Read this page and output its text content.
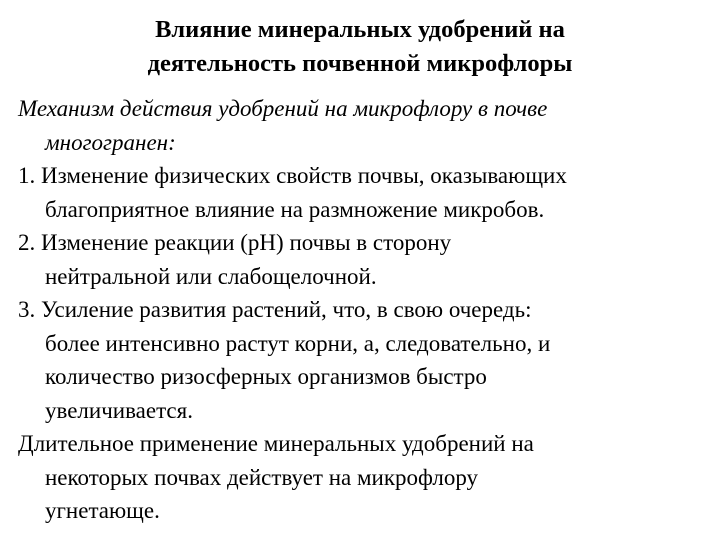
Влияние минеральных удобрений на
деятельность почвенной микрофлоры

Механизм действия удобрений на микрофлору в почве
многогранен:

1. Изменение физических свойств почвы, оказывающих
благоприятное влияние на размножение микробов.

2. Изменение реакции (рН) почвы в сторону
нейтральной или слабощелочной.

3. Усиление развития растений, что, в свою очередь:
более интенсивно растут корни, а, следовательно, и
количество ризосферных организмов быстро
увеличивается.

Длительное применение минеральных удобрений на
некоторых почвах действует на микрофлору
угнетающе.
